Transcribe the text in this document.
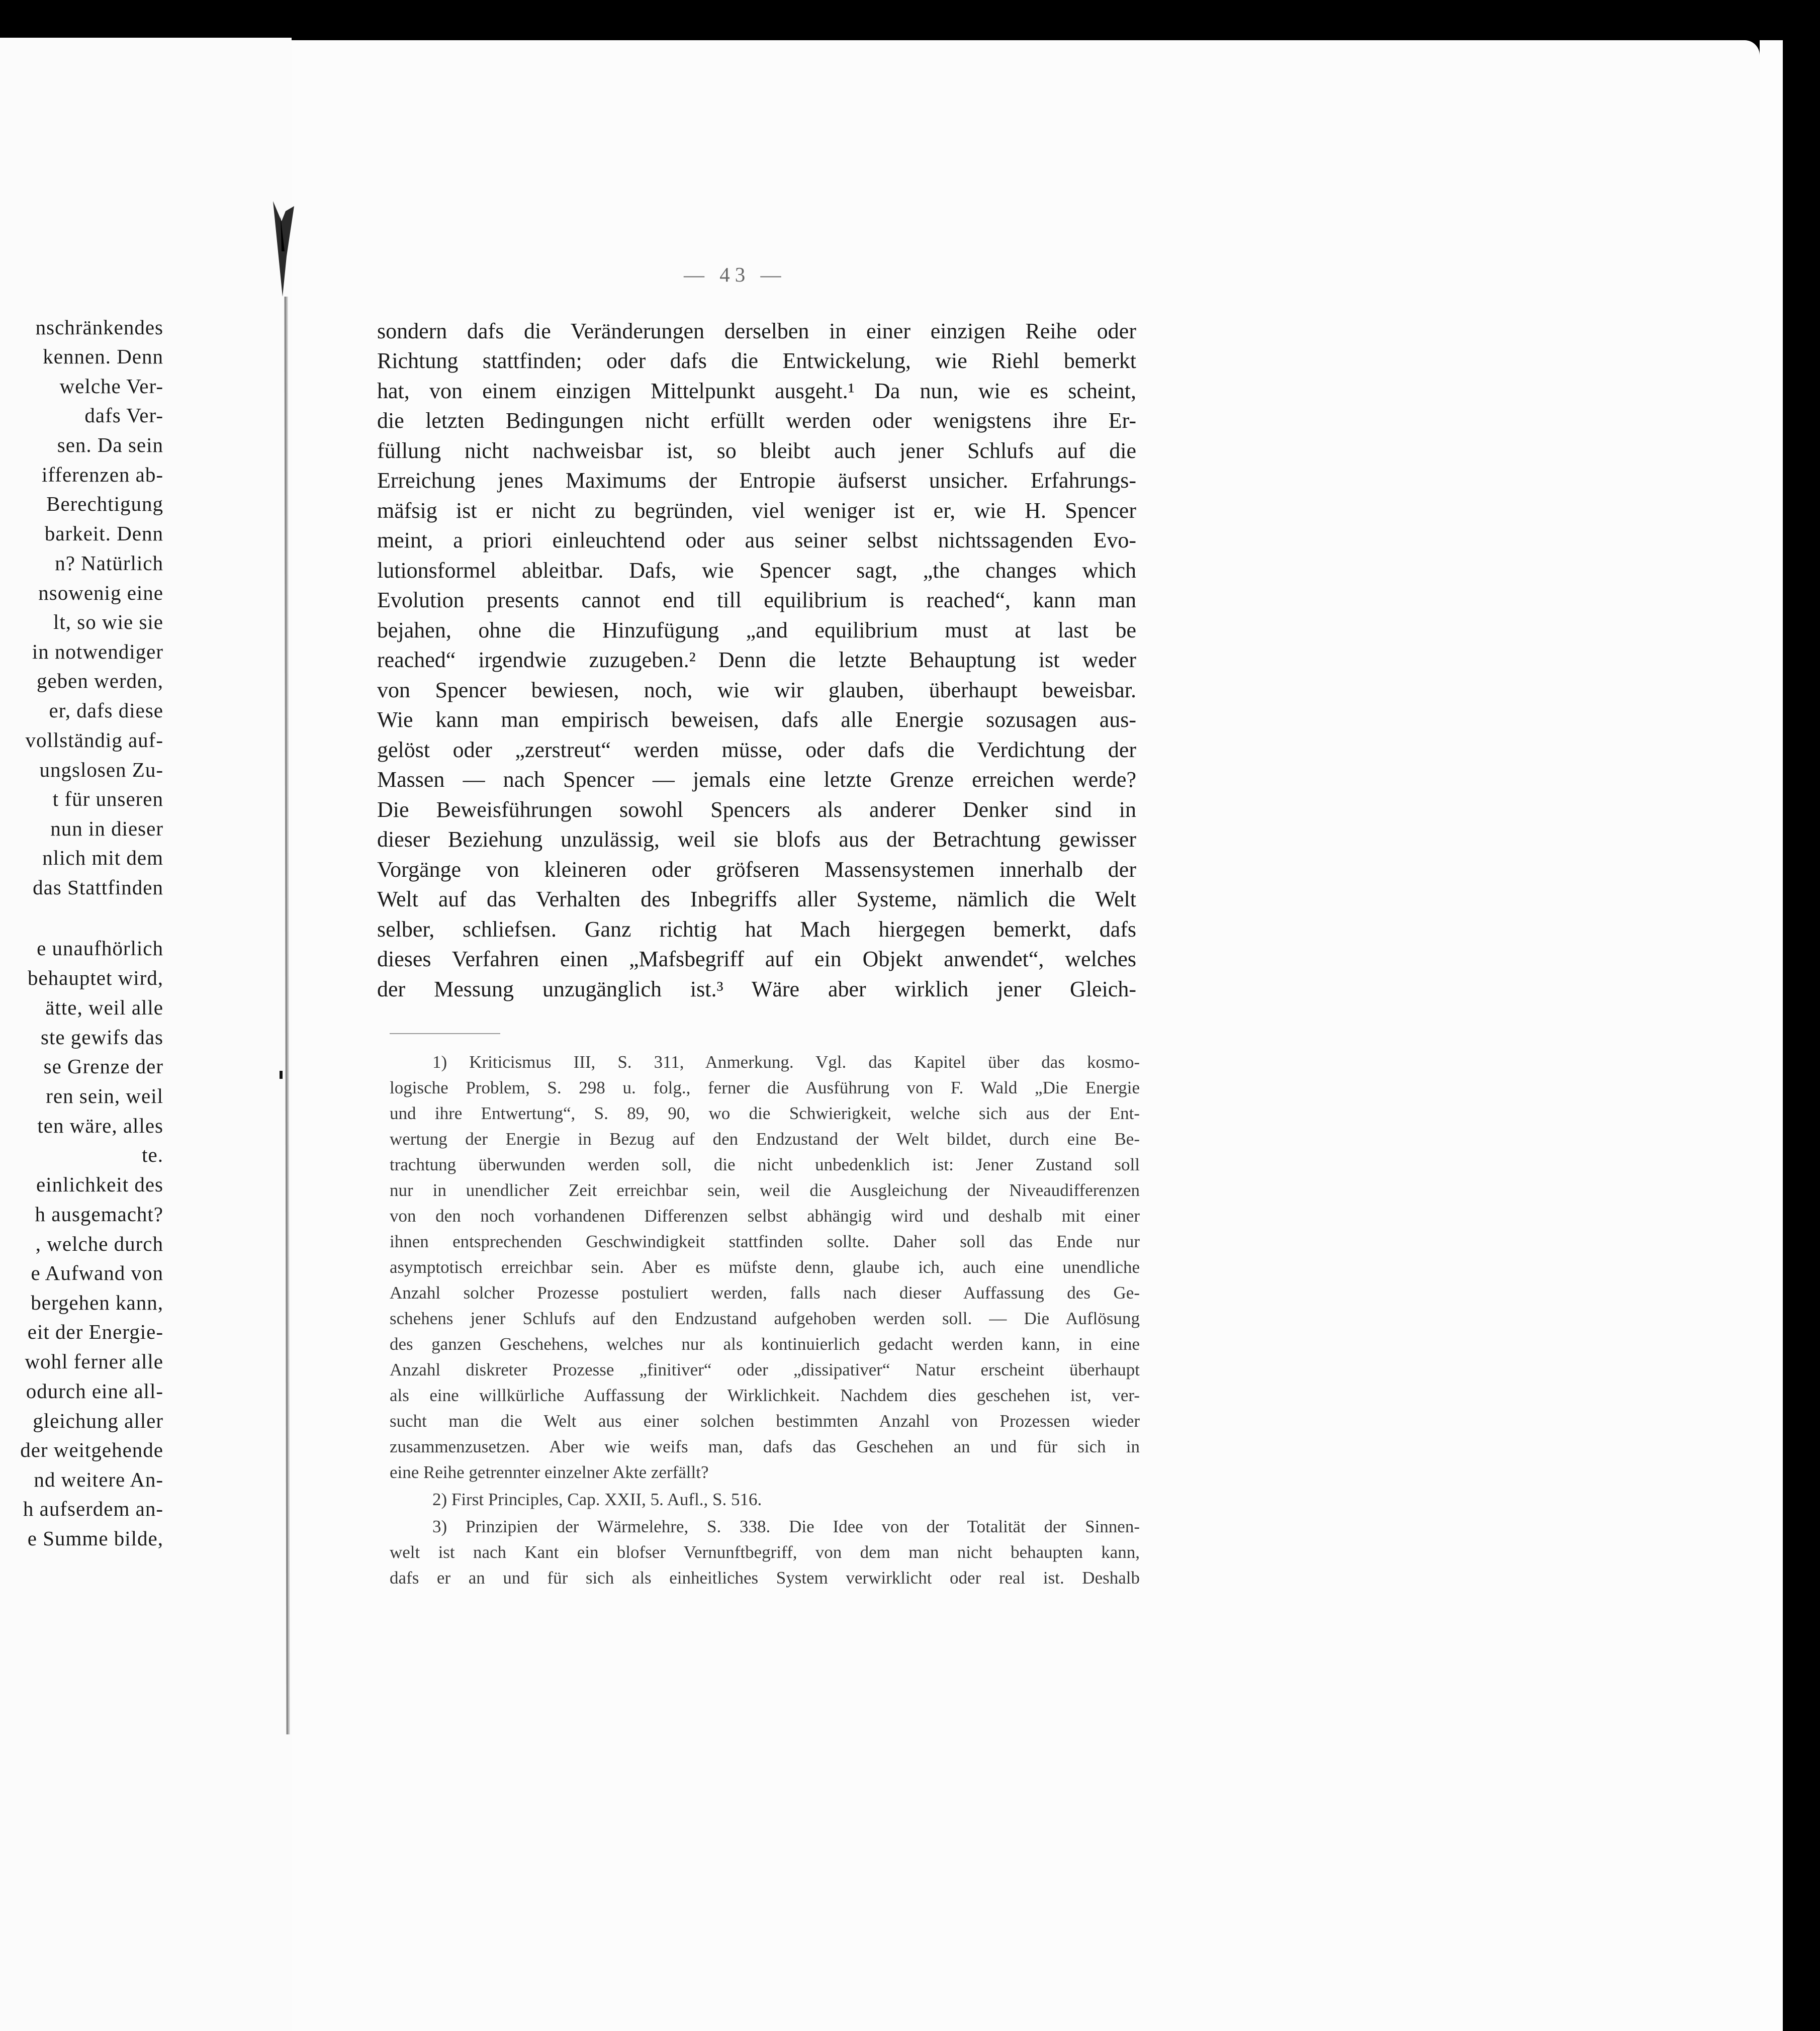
nschränkendes
kennen. Denn
welche Ver-
dafs Ver-
sen. Da sein
ifferenzen ab-
Berechtigung
barkeit. Denn
n? Natürlich
nsowenig eine
lt, so wie sie
in notwendiger
geben werden,
er, dafs diese
vollständig auf-
ungslosen Zu-
t für unseren
nun in dieser
nlich mit dem
das Stattfinden
e unaufhörlich
behauptet wird,
ätte, weil alle
ste gewifs das
se Grenze der
ren sein, weil
ten wäre, alles
te.
einlichkeit des
h ausgemacht?
, welche durch
e Aufwand von
bergehen kann,
eit der Energie-
wohl ferner alle
odurch eine all-
gleichung aller
der weitgehende
nd weitere An-
h aufserdem an-
e Summe bilde,
— 43 —
sondern dafs die Veränderungen derselben in einer einzigen Reihe oder
Richtung stattfinden; oder dafs die Entwickelung, wie Riehl bemerkt
hat, von einem einzigen Mittelpunkt ausgeht.¹ Da nun, wie es scheint,
die letzten Bedingungen nicht erfüllt werden oder wenigstens ihre Er-
füllung nicht nachweisbar ist, so bleibt auch jener Schlufs auf die
Erreichung jenes Maximums der Entropie äufserst unsicher. Erfahrungs-
mäfsig ist er nicht zu begründen, viel weniger ist er, wie H. Spencer
meint, a priori einleuchtend oder aus seiner selbst nichtssagenden Evo-
lutionsformel ableitbar. Dafs, wie Spencer sagt, „the changes which
Evolution presents cannot end till equilibrium is reached“, kann man
bejahen, ohne die Hinzufügung „and equilibrium must at last be
reached“ irgendwie zuzugeben.² Denn die letzte Behauptung ist weder
von Spencer bewiesen, noch, wie wir glauben, überhaupt beweisbar.
Wie kann man empirisch beweisen, dafs alle Energie sozusagen aus-
gelöst oder „zerstreut“ werden müsse, oder dafs die Verdichtung der
Massen — nach Spencer — jemals eine letzte Grenze erreichen werde?
Die Beweisführungen sowohl Spencers als anderer Denker sind in
dieser Beziehung unzulässig, weil sie blofs aus der Betrachtung gewisser
Vorgänge von kleineren oder gröfseren Massensystemen innerhalb der
Welt auf das Verhalten des Inbegriffs aller Systeme, nämlich die Welt
selber, schliefsen. Ganz richtig hat Mach hiergegen bemerkt, dafs
dieses Verfahren einen „Mafsbegriff auf ein Objekt anwendet“, welches
der Messung unzugänglich ist.³ Wäre aber wirklich jener Gleich-
1) Kriticismus III, S. 311, Anmerkung. Vgl. das Kapitel über das kosmo-
logische Problem, S. 298 u. folg., ferner die Ausführung von F. Wald „Die Energie
und ihre Entwertung“, S. 89, 90, wo die Schwierigkeit, welche sich aus der Ent-
wertung der Energie in Bezug auf den Endzustand der Welt bildet, durch eine Be-
trachtung überwunden werden soll, die nicht unbedenklich ist: Jener Zustand soll
nur in unendlicher Zeit erreichbar sein, weil die Ausgleichung der Niveaudifferenzen
von den noch vorhandenen Differenzen selbst abhängig wird und deshalb mit einer
ihnen entsprechenden Geschwindigkeit stattfinden sollte. Daher soll das Ende nur
asymptotisch erreichbar sein. Aber es müfste denn, glaube ich, auch eine unendliche
Anzahl solcher Prozesse postuliert werden, falls nach dieser Auffassung des Ge-
schehens jener Schlufs auf den Endzustand aufgehoben werden soll. — Die Auflösung
des ganzen Geschehens, welches nur als kontinuierlich gedacht werden kann, in eine
Anzahl diskreter Prozesse „finitiver“ oder „dissipativer“ Natur erscheint überhaupt
als eine willkürliche Auffassung der Wirklichkeit. Nachdem dies geschehen ist, ver-
sucht man die Welt aus einer solchen bestimmten Anzahl von Prozessen wieder
zusammenzusetzen. Aber wie weifs man, dafs das Geschehen an und für sich in
eine Reihe getrennter einzelner Akte zerfällt?
2) First Principles, Cap. XXII, 5. Aufl., S. 516.
3) Prinzipien der Wärmelehre, S. 338. Die Idee von der Totalität der Sinnen-
welt ist nach Kant ein blofser Vernunftbegriff, von dem man nicht behaupten kann,
dafs er an und für sich als einheitliches System verwirklicht oder real ist. Deshalb
